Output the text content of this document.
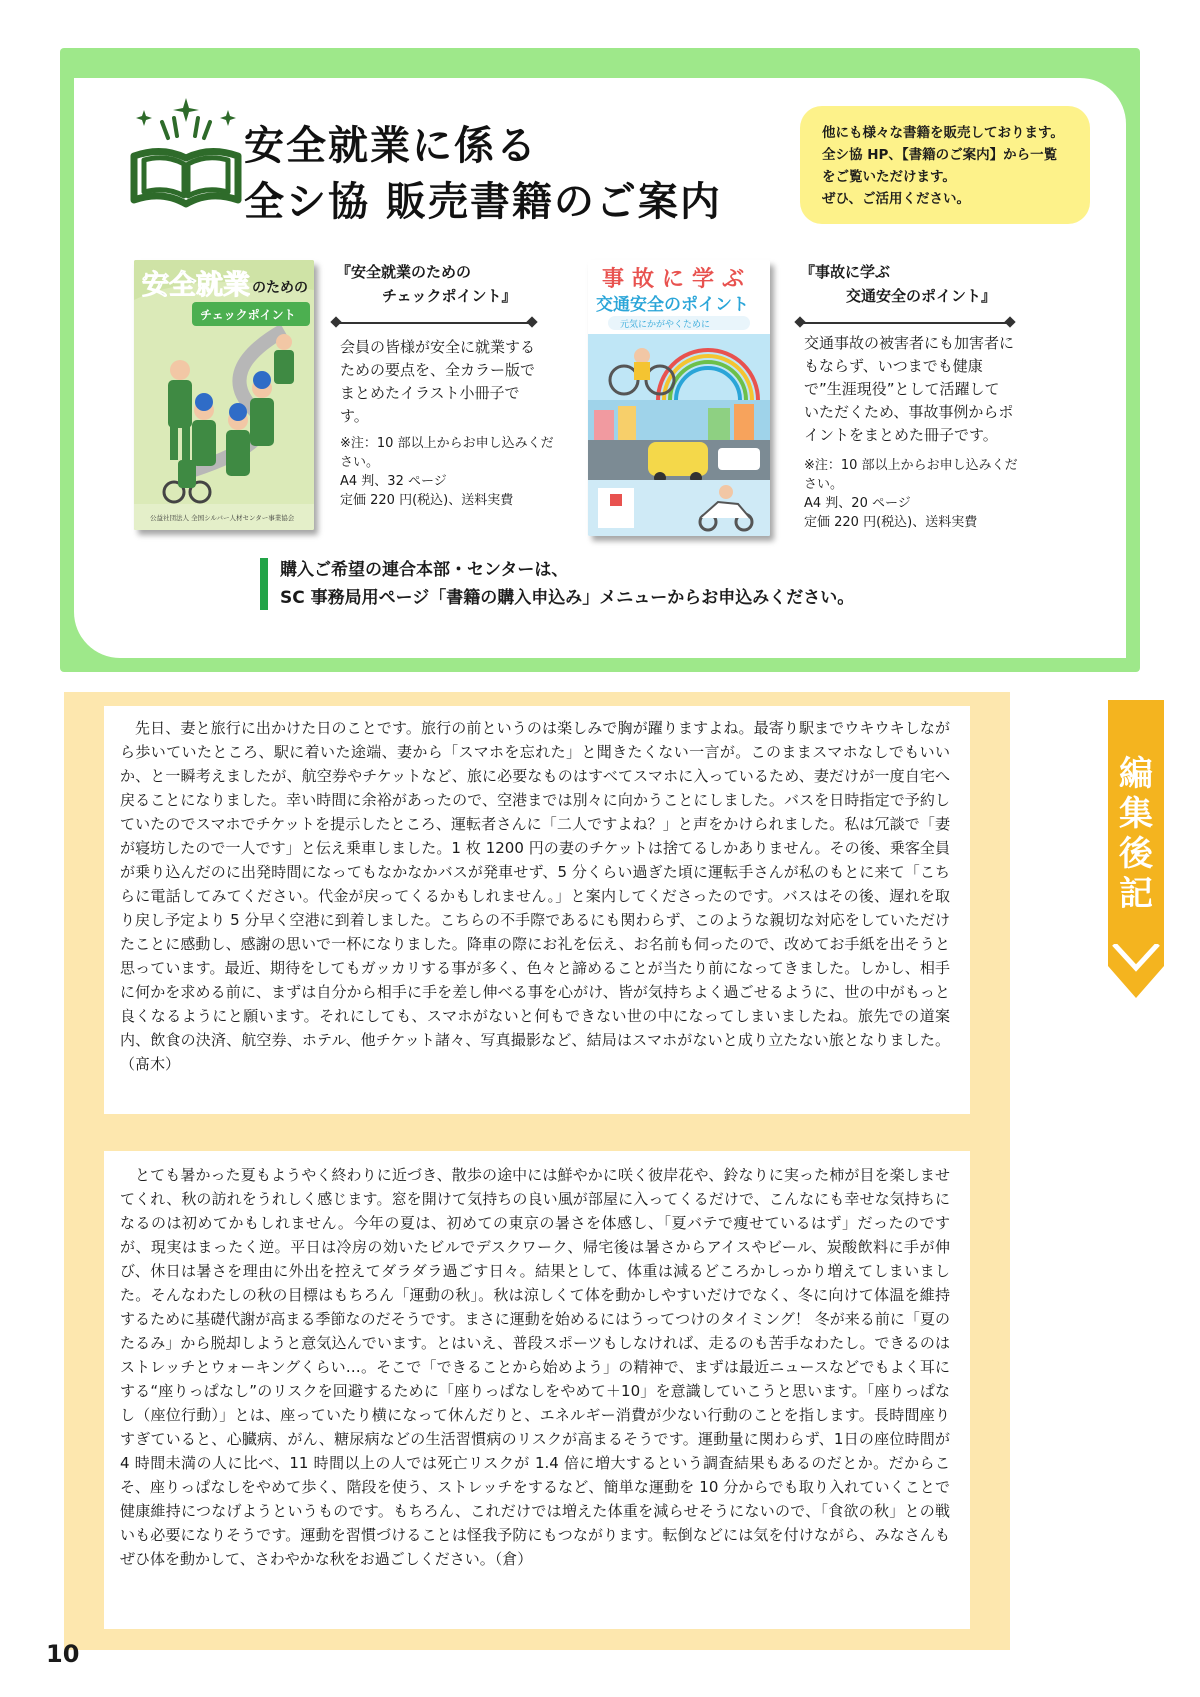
安全就業に係る
全シ協 販売書籍のご案内
他にも様々な書籍を販売しております。
全シ協 HP、【書籍のご案内】から一覧
をご覧いただけます。
ぜひ、ご活用ください。
安全就業 のための
チェックポイント
公益社団法人 全国シルバー人材センター事業協会
『安全就業のための
チェックポイント』

会員の皆様が安全に就業するための要点を、全カラー版でまとめたイラスト小冊子です。

※注：10 部以上からお申し込みください。
A4 判、32 ページ
定価 220 円(税込)、送料実費
事故に学ぶ
交通安全のポイント
元気にかがやくために
『事故に学ぶ
交通安全のポイント』

交通事故の被害者にも加害者にもならず、いつまでも健康で”生涯現役”として活躍していただくため、事故事例からポイントをまとめた冊子です。

※注：10 部以上からお申し込みください。
A4 判、20 ページ
定価 220 円(税込)、送料実費

購入ご希望の連合本部・センターは、
SC 事務局用ページ「書籍の購入申込み」メニューからお申込みください。

先日、妻と旅行に出かけた日のことです。旅行の前というのは楽しみで胸が躍りますよね。最寄り駅までウキウキしながら歩いていたところ、駅に着いた途端、妻から「スマホを忘れた」と聞きたくない一言が。このままスマホなしでもいいか、と一瞬考えましたが、航空券やチケットなど、旅に必要なものはすべてスマホに入っているため、妻だけが一度自宅へ戻ることになりました。幸い時間に余裕があったので、空港までは別々に向かうことにしました。バスを日時指定で予約していたのでスマホでチケットを提示したところ、運転者さんに「二人ですよね？」と声をかけられました。私は冗談で「妻が寝坊したので一人です」と伝え乗車しました。1 枚 1200 円の妻のチケットは捨てるしかありません。その後、乗客全員が乗り込んだのに出発時間になってもなかなかバスが発車せず、5 分くらい過ぎた頃に運転手さんが私のもとに来て「こちらに電話してみてください。代金が戻ってくるかもしれません。」と案内してくださったのです。バスはその後、遅れを取り戻し予定より 5 分早く空港に到着しました。こちらの不手際であるにも関わらず、このような親切な対応をしていただけたことに感動し、感謝の思いで一杯になりました。降車の際にお礼を伝え、お名前も伺ったので、改めてお手紙を出そうと思っています。最近、期待をしてもガッカリする事が多く、色々と諦めることが当たり前になってきました。しかし、相手に何かを求める前に、まずは自分から相手に手を差し伸べる事を心がけ、皆が気持ちよく過ごせるように、世の中がもっと良くなるようにと願います。それにしても、スマホがないと何もできない世の中になってしまいましたね。旅先での道案内、飲食の決済、航空券、ホテル、他チケット諸々、写真撮影など、結局はスマホがないと成り立たない旅となりました。（髙木）

とても暑かった夏もようやく終わりに近づき、散歩の途中には鮮やかに咲く彼岸花や、鈴なりに実った柿が目を楽しませてくれ、秋の訪れをうれしく感じます。窓を開けて気持ちの良い風が部屋に入ってくるだけで、こんなにも幸せな気持ちになるのは初めてかもしれません。今年の夏は、初めての東京の暑さを体感し、「夏バテで痩せているはず」だったのですが、現実はまったく逆。平日は冷房の効いたビルでデスクワーク、帰宅後は暑さからアイスやビール、炭酸飲料に手が伸び、休日は暑さを理由に外出を控えてダラダラ過ごす日々。結果として、体重は減るどころかしっかり増えてしまいました。そんなわたしの秋の目標はもちろん「運動の秋」。秋は涼しくて体を動かしやすいだけでなく、冬に向けて体温を維持するために基礎代謝が高まる季節なのだそうです。まさに運動を始めるにはうってつけのタイミング！ 冬が来る前に「夏のたるみ」から脱却しようと意気込んでいます。とはいえ、普段スポーツもしなければ、走るのも苦手なわたし。できるのはストレッチとウォーキングくらい…。そこで「できることから始めよう」の精神で、まずは最近ニュースなどでもよく耳にする“座りっぱなし”のリスクを回避するために「座りっぱなしをやめて＋10」を意識していこうと思います。「座りっぱなし（座位行動）」とは、座っていたり横になって休んだりと、エネルギー消費が少ない行動のことを指します。長時間座りすぎていると、心臓病、がん、糖尿病などの生活習慣病のリスクが高まるそうです。運動量に関わらず、1日の座位時間が 4 時間未満の人に比べ、11 時間以上の人では死亡リスクが 1.4 倍に増大するという調査結果もあるのだとか。だからこそ、座りっぱなしをやめて歩く、階段を使う、ストレッチをするなど、簡単な運動を 10 分からでも取り入れていくことで健康維持につなげようというものです。もちろん、これだけでは増えた体重を減らせそうにないので、「食欲の秋」との戦いも必要になりそうです。運動を習慣づけることは怪我予防にもつながります。転倒などには気を付けながら、みなさんもぜひ体を動かして、さわやかな秋をお過ごしください。（倉）

編集後記

10
